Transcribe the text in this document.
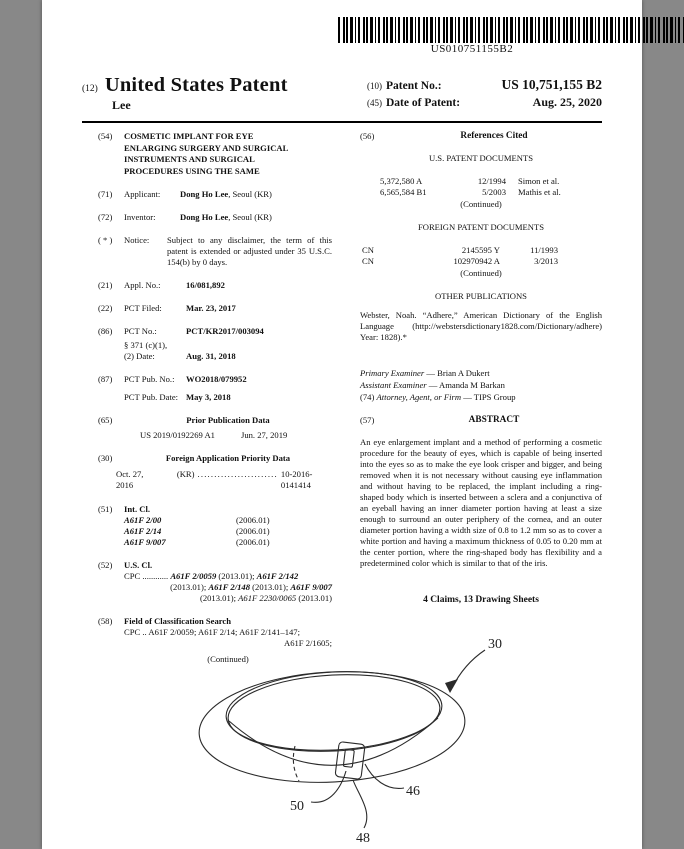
US010751155B2
(12) United States Patent
Lee
(10) Patent No.:	US 10,751,155 B2
(45) Date of Patent:	Aug. 25, 2020
(54)	COSMETIC IMPLANT FOR EYE
ENLARGING SURGERY AND SURGICAL
INSTRUMENTS AND SURGICAL
PROCEDURES USING THE SAME
(71)	Applicant:	Dong Ho Lee, Seoul (KR)
(72)	Inventor:	Dong Ho Lee, Seoul (KR)
( * )	Notice:	Subject to any disclaimer, the term of this patent is extended or adjusted under 35 U.S.C. 154(b) by 0 days.
(21)	Appl. No.:	16/081,892
(22)	PCT Filed:	Mar. 23, 2017
(86)	PCT No.:	PCT/KR2017/003094
§ 371 (c)(1),
(2) Date:	Aug. 31, 2018
(87)	PCT Pub. No.:	WO2018/079952
PCT Pub. Date: May 3, 2018
(65)	Prior Publication Data
US 2019/0192269 A1	Jun. 27, 2019
(30)	Foreign Application Priority Data
Oct. 27, 2016
(KR) ........................ 10-2016-0141414
(51)	Int. Cl.
A61F 2/00	(2006.01)
A61F 2/14	(2006.01)
A61F 9/007	(2006.01)
(52)	U.S. Cl.
CPC ............ A61F 2/0059 (2013.01); A61F 2/142
(2013.01); A61F 2/148 (2013.01); A61F 9/007
(2013.01); A61F 2230/0065 (2013.01)
(58)	Field of Classification Search
CPC .. A61F 2/0059; A61F 2/14; A61F 2/141–147;
A61F 2/1605;
(Continued)
(56)	References Cited
U.S. PATENT DOCUMENTS
5,372,580 A	12/1994	Simon et al.
6,565,584 B1	5/2003	Mathis et al.
(Continued)
FOREIGN PATENT DOCUMENTS
CN	2145595 Y	11/1993
CN	102970942 A	3/2013
(Continued)
OTHER PUBLICATIONS
Webster, Noah. “Adhere,” American Dictionary of the English Language (http://webstersdictionary1828.com/Dictionary/adhere) Year: 1828).*
Primary Examiner — Brian A Dukert
Assistant Examiner — Amanda M Barkan
(74) Attorney, Agent, or Firm — TIPS Group
(57)	ABSTRACT
An eye enlargement implant and a method of performing a cosmetic procedure for the beauty of eyes, which is capable of being inserted into the eyes so as to make the eye look crisper and bigger, and being removed when it is not necessary without causing eye inflammation and without having to be replaced, the implant including a ring-shaped body which is inserted between a sclera and a conjunctiva of an eyeball having an inner diameter portion having at least a size enough to surround an outer periphery of the cornea, and an outer diameter portion having a width size of 0.8 to 1.2 mm so as to cover a white portion and having a maximum thickness of 0.05 to 0.20 mm at the center portion, where the ring-shaped body has flexibility and a predetermined color which is similar to that of the iris.
4 Claims, 13 Drawing Sheets
30
46
50
48
